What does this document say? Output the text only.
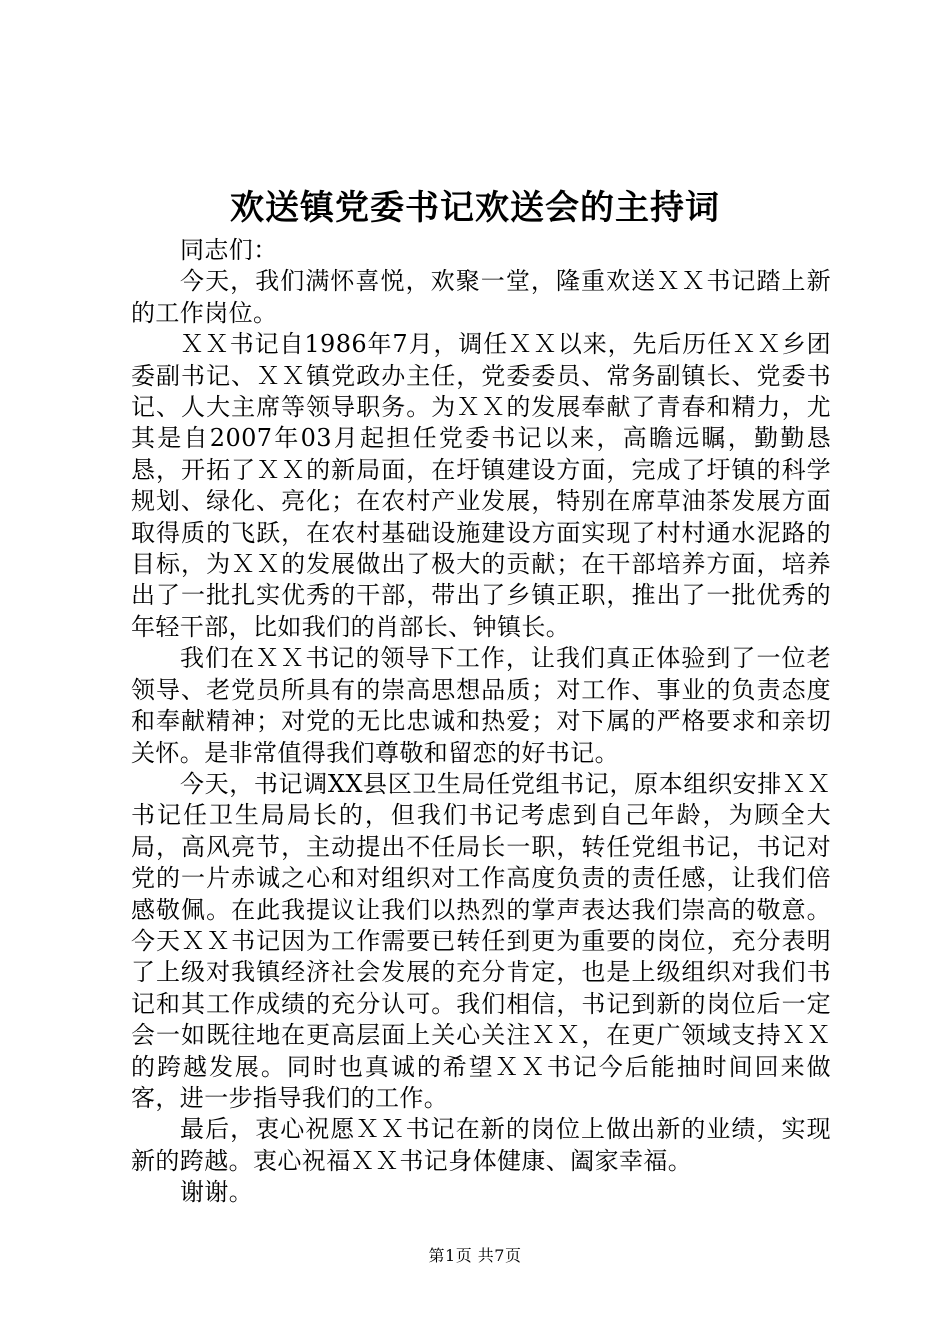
欢送镇党委书记欢送会的主持词

同志们：

今天，我们满怀喜悦，欢聚一堂，隆重欢送ＸＸ书记踏上新的工作岗位。

ＸＸ书记自1986年7月，调任ＸＸ以来，先后历任ＸＸ乡团委副书记、ＸＸ镇党政办主任，党委委员、常务副镇长、党委书记、人大主席等领导职务。为ＸＸ的发展奉献了青春和精力，尤其是自2007年03月起担任党委书记以来，高瞻远瞩，勤勤恳恳，开拓了ＸＸ的新局面，在圩镇建设方面，完成了圩镇的科学规划、绿化、亮化；在农村产业发展，特别在席草油茶发展方面取得质的飞跃，在农村基础设施建设方面实现了村村通水泥路的目标，为ＸＸ的发展做出了极大的贡献；在干部培养方面，培养出了一批扎实优秀的干部，带出了乡镇正职，推出了一批优秀的年轻干部，比如我们的肖部长、钟镇长。

我们在ＸＸ书记的领导下工作，让我们真正体验到了一位老领导、老党员所具有的崇高思想品质；对工作、事业的负责态度和奉献精神；对党的无比忠诚和热爱；对下属的严格要求和亲切关怀。是非常值得我们尊敬和留恋的好书记。

今天，书记调XX县区卫生局任党组书记，原本组织安排ＸＸ书记任卫生局局长的，但我们书记考虑到自己年龄，为顾全大局，高风亮节，主动提出不任局长一职，转任党组书记，书记对党的一片赤诚之心和对组织对工作高度负责的责任感，让我们倍感敬佩。在此我提议让我们以热烈的掌声表达我们崇高的敬意。今天ＸＸ书记因为工作需要已转任到更为重要的岗位，充分表明了上级对我镇经济社会发展的充分肯定，也是上级组织对我们书记和其工作成绩的充分认可。我们相信，书记到新的岗位后一定会一如既往地在更高层面上关心关注ＸＸ，在更广领域支持ＸＸ的跨越发展。同时也真诚的希望ＸＸ书记今后能抽时间回来做客，进一步指导我们的工作。

最后，衷心祝愿ＸＸ书记在新的岗位上做出新的业绩，实现新的跨越。衷心祝福ＸＸ书记身体健康、阖家幸福。

谢谢。

第1页 共7页
